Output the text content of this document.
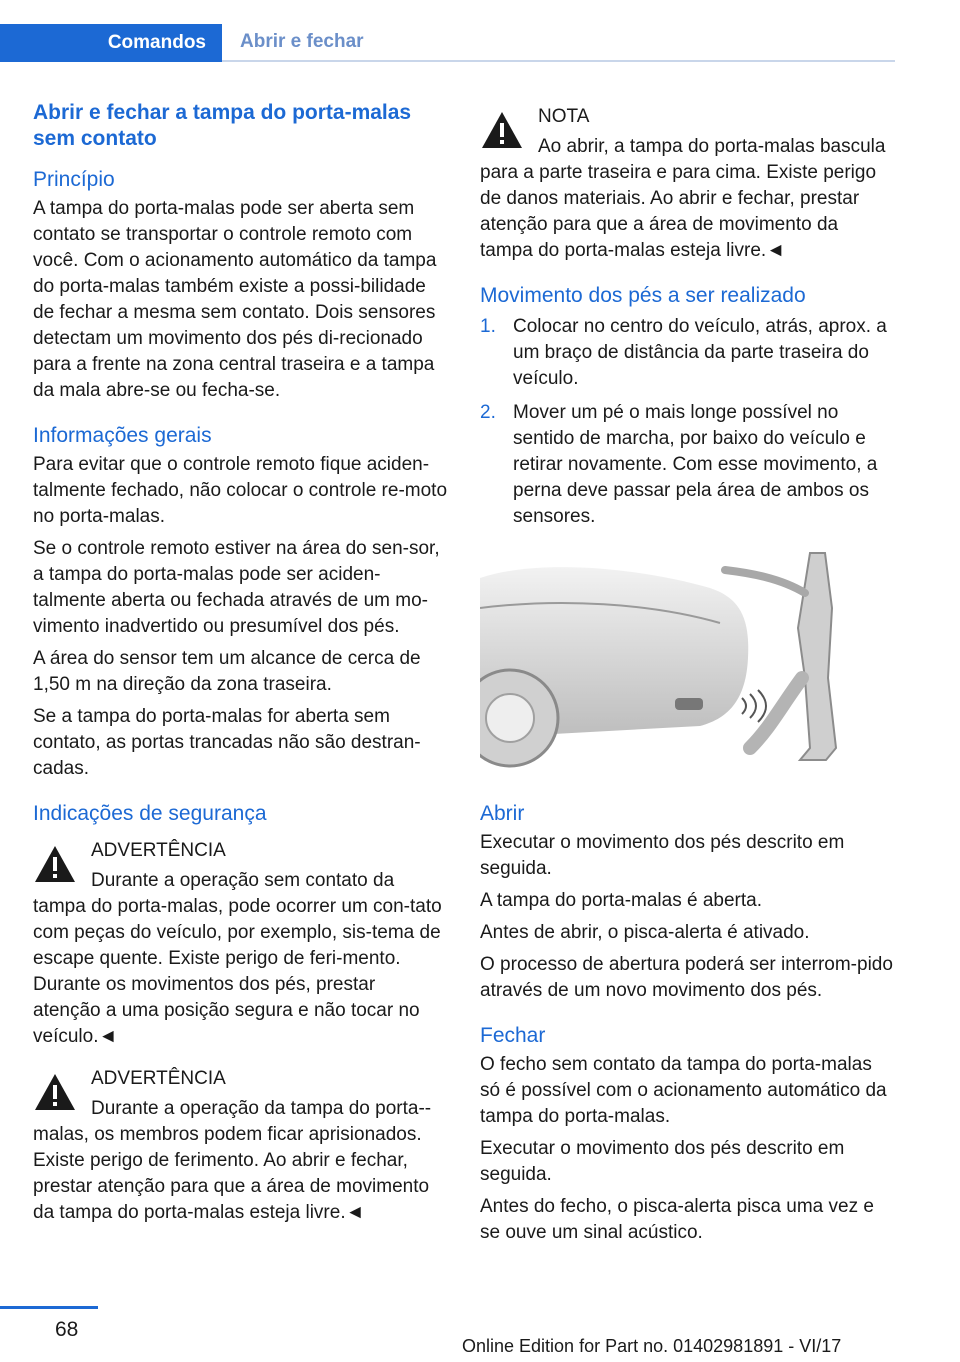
Comandos	Abrir e fechar
Abrir e fechar a tampa do porta-malas sem contato
Princípio

A tampa do porta-malas pode ser aberta sem contato se transportar o controle remoto com você. Com o acionamento automático da tampa do porta-malas também existe a possi-bilidade de fechar a mesma sem contato. Dois sensores detectam um movimento dos pés di-recionado para a frente na zona central traseira e a tampa da mala abre-se ou fecha-se.

Informações gerais

Para evitar que o controle remoto fique aciden-talmente fechado, não colocar o controle re-moto no porta-malas.

Se o controle remoto estiver na área do sen-sor, a tampa do porta-malas pode ser aciden-talmente aberta ou fechada através de um mo-vimento inadvertido ou presumível dos pés.

A área do sensor tem um alcance de cerca de 1,50 m na direção da zona traseira.

Se a tampa do porta-malas for aberta sem contato, as portas trancadas não são destran-cadas.

Indicações de segurança
ADVERTÊNCIA
Durante a operação sem contato da tampa do porta-malas, pode ocorrer um con-tato com peças do veículo, por exemplo, sis-tema de escape quente. Existe perigo de feri-mento. Durante os movimentos dos pés, prestar atenção a uma posição segura e não tocar no veículo.◄
ADVERTÊNCIA
Durante a operação da tampa do porta--malas, os membros podem ficar aprisionados. Existe perigo de ferimento. Ao abrir e fechar, prestar atenção para que a área de movimento da tampa do porta-malas esteja livre.◄
NOTA
Ao abrir, a tampa do porta-malas bascula para a parte traseira e para cima. Existe perigo de danos materiais. Ao abrir e fechar, prestar atenção para que a área de movimento da tampa do porta-malas esteja livre.◄
Movimento dos pés a ser realizado
1. Colocar no centro do veículo, atrás, aprox. a um braço de distância da parte traseira do veículo.
2. Mover um pé o mais longe possível no sentido de marcha, por baixo do veículo e retirar novamente. Com esse movimento, a perna deve passar pela área de ambos os sensores.
Abrir

Executar o movimento dos pés descrito em seguida.

A tampa do porta-malas é aberta.

Antes de abrir, o pisca-alerta é ativado.

O processo de abertura poderá ser interrom-pido através de um novo movimento dos pés.

Fechar

O fecho sem contato da tampa do porta-malas só é possível com o acionamento automático da tampa do porta-malas.

Executar o movimento dos pés descrito em seguida.

Antes do fecho, o pisca-alerta pisca uma vez e se ouve um sinal acústico.

68
Online Edition for Part no. 01402981891 - VI/17
